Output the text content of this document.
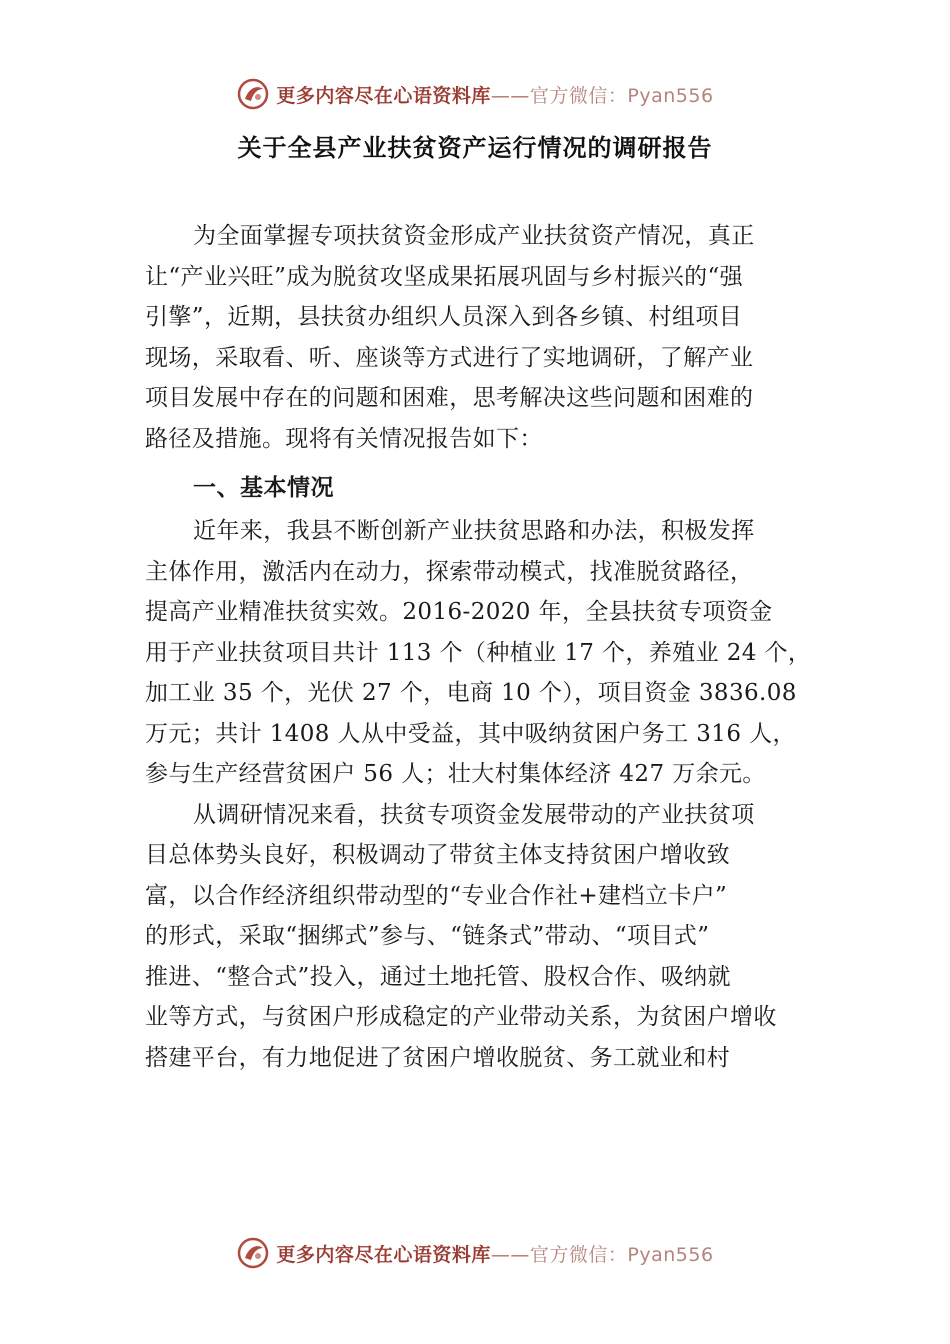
更多内容尽在心语资料库——官方微信：Pyan556
关于全县产业扶贫资产运行情况的调研报告
为全面掌握专项扶贫资金形成产业扶贫资产情况，真正
让“产业兴旺”成为脱贫攻坚成果拓展巩固与乡村振兴的“强
引擎”，近期，县扶贫办组织人员深入到各乡镇、村组项目
现场，采取看、听、座谈等方式进行了实地调研，了解产业
项目发展中存在的问题和困难，思考解决这些问题和困难的
路径及措施。现将有关情况报告如下：
一、基本情况
近年来，我县不断创新产业扶贫思路和办法，积极发挥
主体作用，激活内在动力，探索带动模式，找准脱贫路径，
提高产业精准扶贫实效。2016-2020 年，全县扶贫专项资金
用于产业扶贫项目共计 113 个（种植业 17 个，养殖业 24 个，
加工业 35 个，光伏 27 个，电商 10 个），项目资金 3836.08
万元；共计 1408 人从中受益，其中吸纳贫困户务工 316 人，
参与生产经营贫困户 56 人；壮大村集体经济 427 万余元。
从调研情况来看，扶贫专项资金发展带动的产业扶贫项
目总体势头良好，积极调动了带贫主体支持贫困户增收致
富，以合作经济组织带动型的“专业合作社+建档立卡户”
的形式，采取“捆绑式”参与、“链条式”带动、“项目式”
推进、“整合式”投入，通过土地托管、股权合作、吸纳就
业等方式，与贫困户形成稳定的产业带动关系，为贫困户增收
搭建平台，有力地促进了贫困户增收脱贫、务工就业和村
更多内容尽在心语资料库——官方微信：Pyan556
